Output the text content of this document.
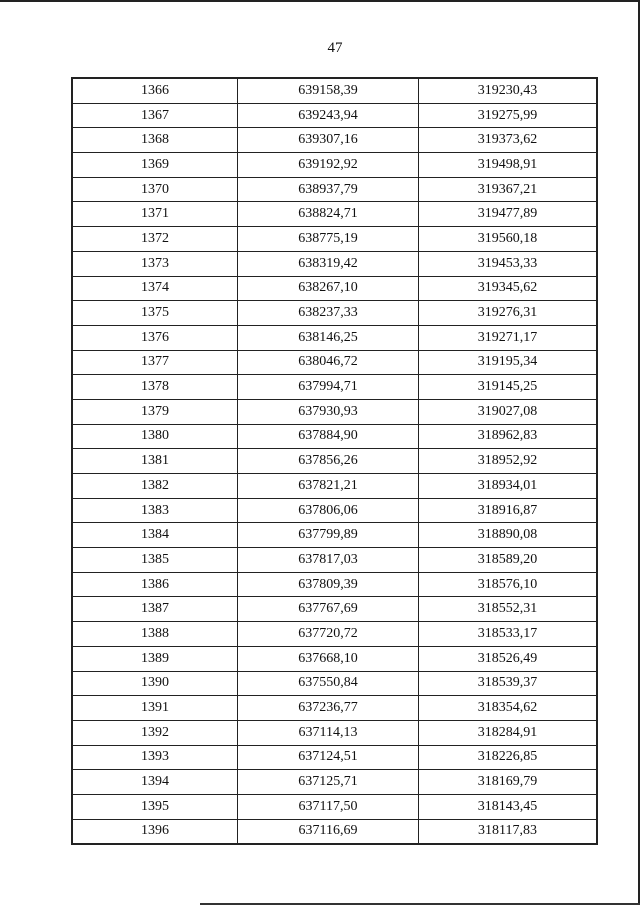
47
1366	639158,39	319230,43
1367	639243,94	319275,99
1368	639307,16	319373,62
1369	639192,92	319498,91
1370	638937,79	319367,21
1371	638824,71	319477,89
1372	638775,19	319560,18
1373	638319,42	319453,33
1374	638267,10	319345,62
1375	638237,33	319276,31
1376	638146,25	319271,17
1377	638046,72	319195,34
1378	637994,71	319145,25
1379	637930,93	319027,08
1380	637884,90	318962,83
1381	637856,26	318952,92
1382	637821,21	318934,01
1383	637806,06	318916,87
1384	637799,89	318890,08
1385	637817,03	318589,20
1386	637809,39	318576,10
1387	637767,69	318552,31
1388	637720,72	318533,17
1389	637668,10	318526,49
1390	637550,84	318539,37
1391	637236,77	318354,62
1392	637114,13	318284,91
1393	637124,51	318226,85
1394	637125,71	318169,79
1395	637117,50	318143,45
1396	637116,69	318117,83
